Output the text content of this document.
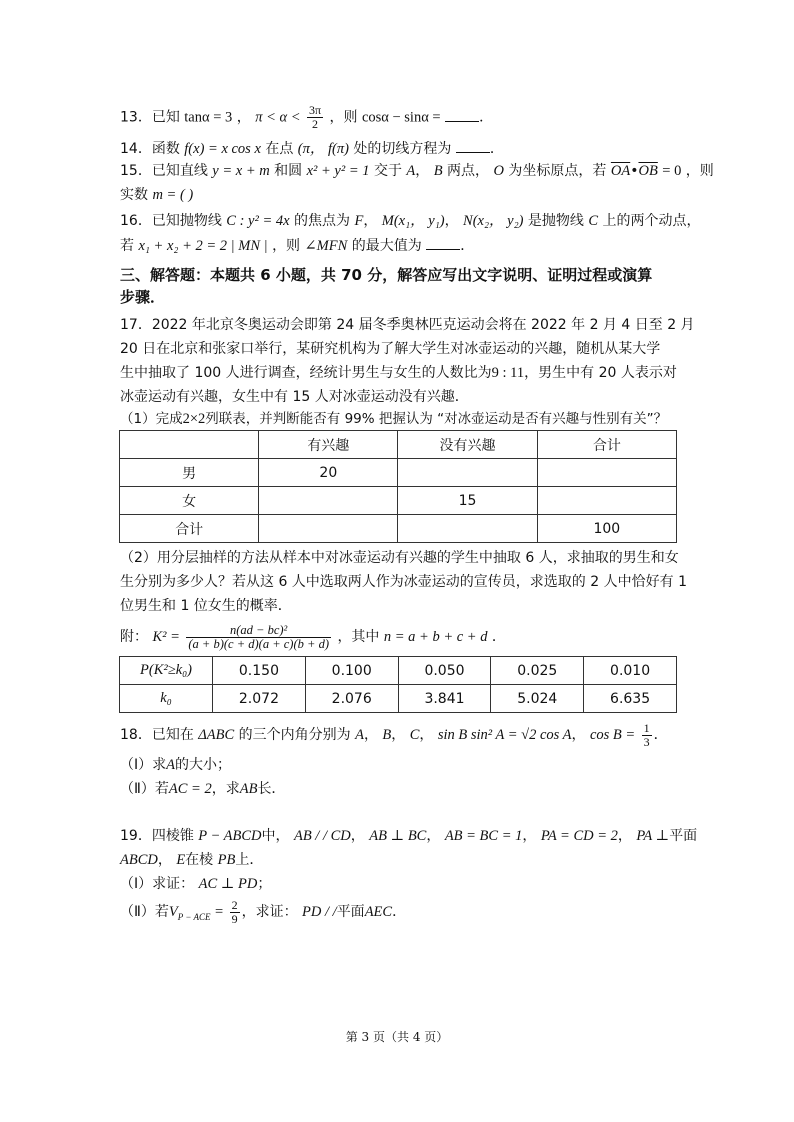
13．已知 tanα = 3 ， $\pi < \alpha < \frac{3\pi}{2}$ ，则 cosα − sinα =	．
14．函数 f(x) = x cos x 在点 (π， f(π) 处的切线方程为	．
15．已知直线 y = x + m 和圆 x² + y² = 1 交于 A， B 两点， O 为坐标原点，若 $\overline{OA}•\overline{OB} = 0$ ，则
实数 m = ( )
16．已知抛物线 C : y² = 4x 的焦点为 F， M(x₁， y₁)， N(x₂， y₂) 是抛物线 C 上的两个动点，
若 x₁ + x₂ + 2 = 2 | MN | ，则 ∠MFN 的最大值为	．
三、解答题：本题共 6 小题，共 70 分，解答应写出文字说明、证明过程或演算
步骤．
17．2022 年北京冬奥运动会即第 24 届冬季奥林匹克运动会将在 2022 年 2 月 4 日至 2 月
20 日在北京和张家口举行，某研究机构为了解大学生对冰壶运动的兴趣，随机从某大学
生中抽取了 100 人进行调查，经统计男生与女生的人数比为9 : 11，男生中有 20 人表示对
冰壶运动有兴趣，女生中有 15 人对冰壶运动没有兴趣．
（1）完成2×2列联表，并判断能否有 99% 把握认为 “对冰壶运动是否有兴趣与性别有关”？
	有兴趣	没有兴趣	合计
男	20		
女		15	
合计			100
（2）用分层抽样的方法从样本中对冰壶运动有兴趣的学生中抽取 6 人，求抽取的男生和女
生分别为多少人？若从这 6 人中选取两人作为冰壶运动的宣传员，求选取的 2 人中恰好有 1
位男生和 1 位女生的概率．
附： $K^2 = \frac{\text{n(ad − bc)²}}{(a + b)(c + d)(a + c)(b + d)}$ ，其中 n = a + b + c + d ．
P(K²≥k₀)	0.150	0.100	0.050	0.025	0.010
k₀	2.072	2.076	3.841	5.024	6.635
18．已知在 ΔABC 的三个内角分别为 A， B， C， sin B sin² A = √2 cos A， $\cos B = \frac{1}{3}$ ．
（Ⅰ）求A的大小；
（Ⅱ）若AC = 2，求AB长．
19．四棱锥 P − ABCD中， AB / / CD， AB ⊥ BC， AB = BC = 1， PA = CD = 2， PA ⊥平面
ABCD， E在棱 PB上．
（Ⅰ）求证： AC ⊥ PD；
（Ⅱ）若$V_{P - ACE} = \frac{2}{9}$ ，求证： PD / /平面AEC．
第 3 页（共 4 页）
